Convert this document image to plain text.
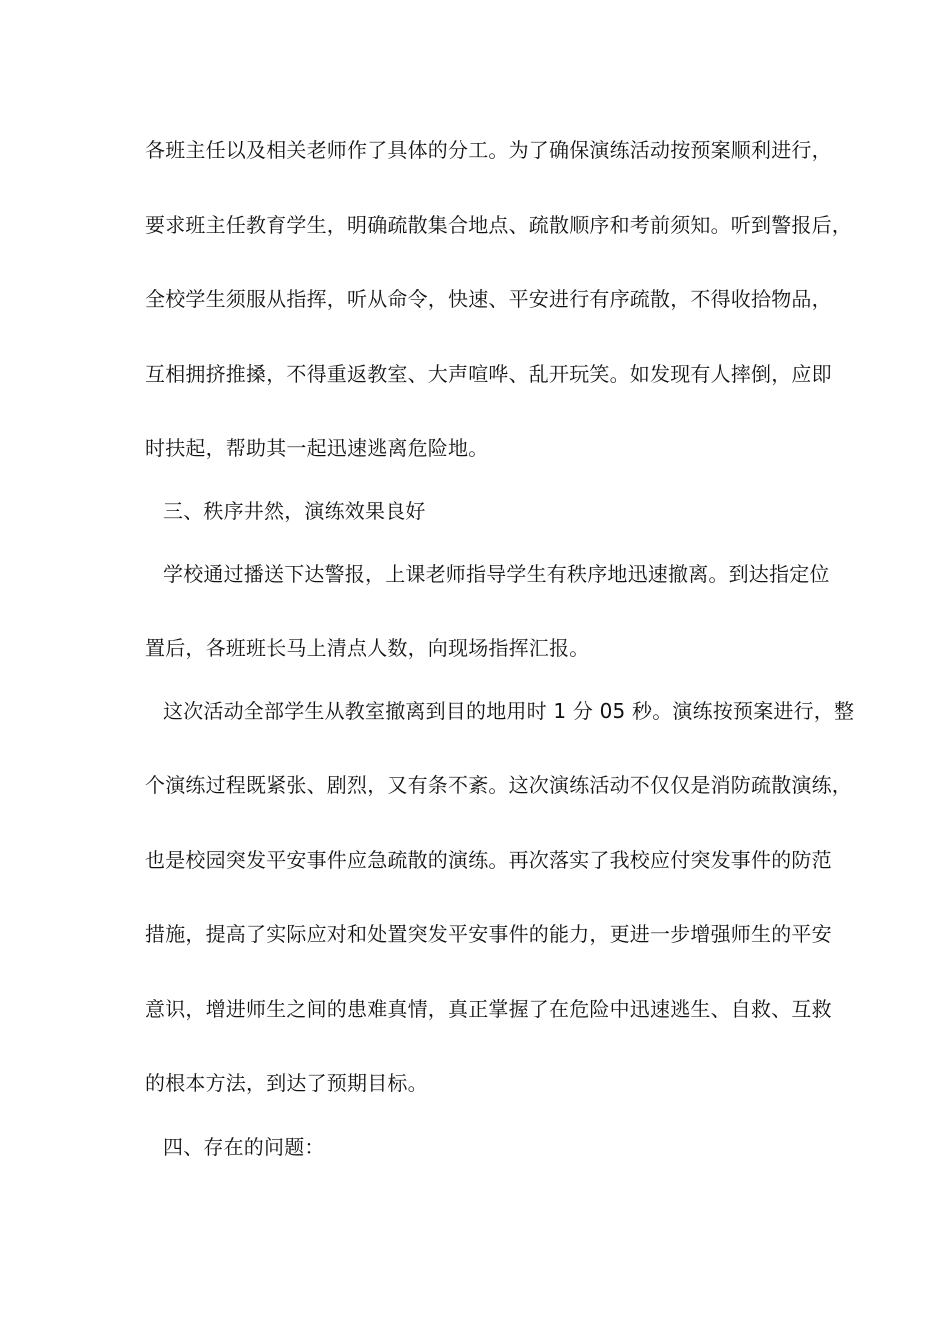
各班主任以及相关老师作了具体的分工。为了确保演练活动按预案顺利进行，
要求班主任教育学生，明确疏散集合地点、疏散顺序和考前须知。听到警报后，
全校学生须服从指挥，听从命令，快速、平安进行有序疏散，不得收拾物品，
互相拥挤推搡，不得重返教室、大声喧哗、乱开玩笑。如发现有人摔倒，应即
时扶起，帮助其一起迅速逃离危险地。
三、秩序井然，演练效果良好
学校通过播送下达警报，上课老师指导学生有秩序地迅速撤离。到达指定位
置后，各班班长马上清点人数，向现场指挥汇报。
这次活动全部学生从教室撤离到目的地用时 1 分 05 秒。演练按预案进行，整
个演练过程既紧张、剧烈，又有条不紊。这次演练活动不仅仅是消防疏散演练，
也是校园突发平安事件应急疏散的演练。再次落实了我校应付突发事件的防范
措施，提高了实际应对和处置突发平安事件的能力，更进一步增强师生的平安
意识，增进师生之间的患难真情，真正掌握了在危险中迅速逃生、自救、互救
的根本方法，到达了预期目标。
四、存在的问题：
